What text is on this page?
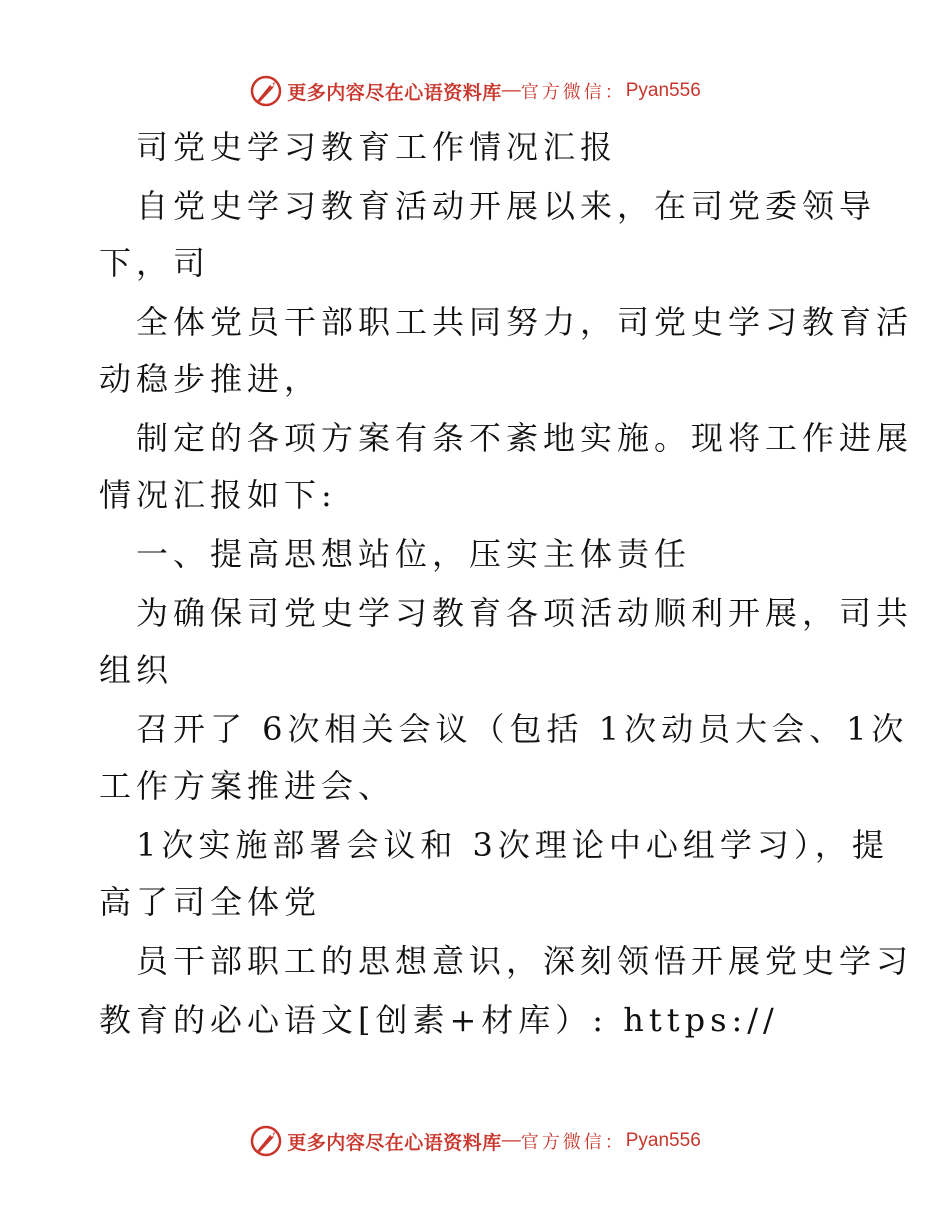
更多内容尽在心语资料库 — 官方微信： Pyan556
司党史学习教育工作情况汇报
自党史学习教育活动开展以来，在司党委领导
下，司
全体党员干部职工共同努力，司党史学习教育活
动稳步推进，
制定的各项方案有条不紊地实施。现将工作进展
情况汇报如下:
一、提高思想站位，压实主体责任
为确保司党史学习教育各项活动顺利开展，司共
组织
召开了 6次相关会议（包括 1次动员大会、1次
工作方案推进会、
1次实施部署会议和 3次理论中心组学习），提
高了司全体党
员干部职工的思想意识，深刻领悟开展党史学习
教育的必心语文[创素+材库）: https://
更多内容尽在心语资料库 — 官方微信： Pyan556
